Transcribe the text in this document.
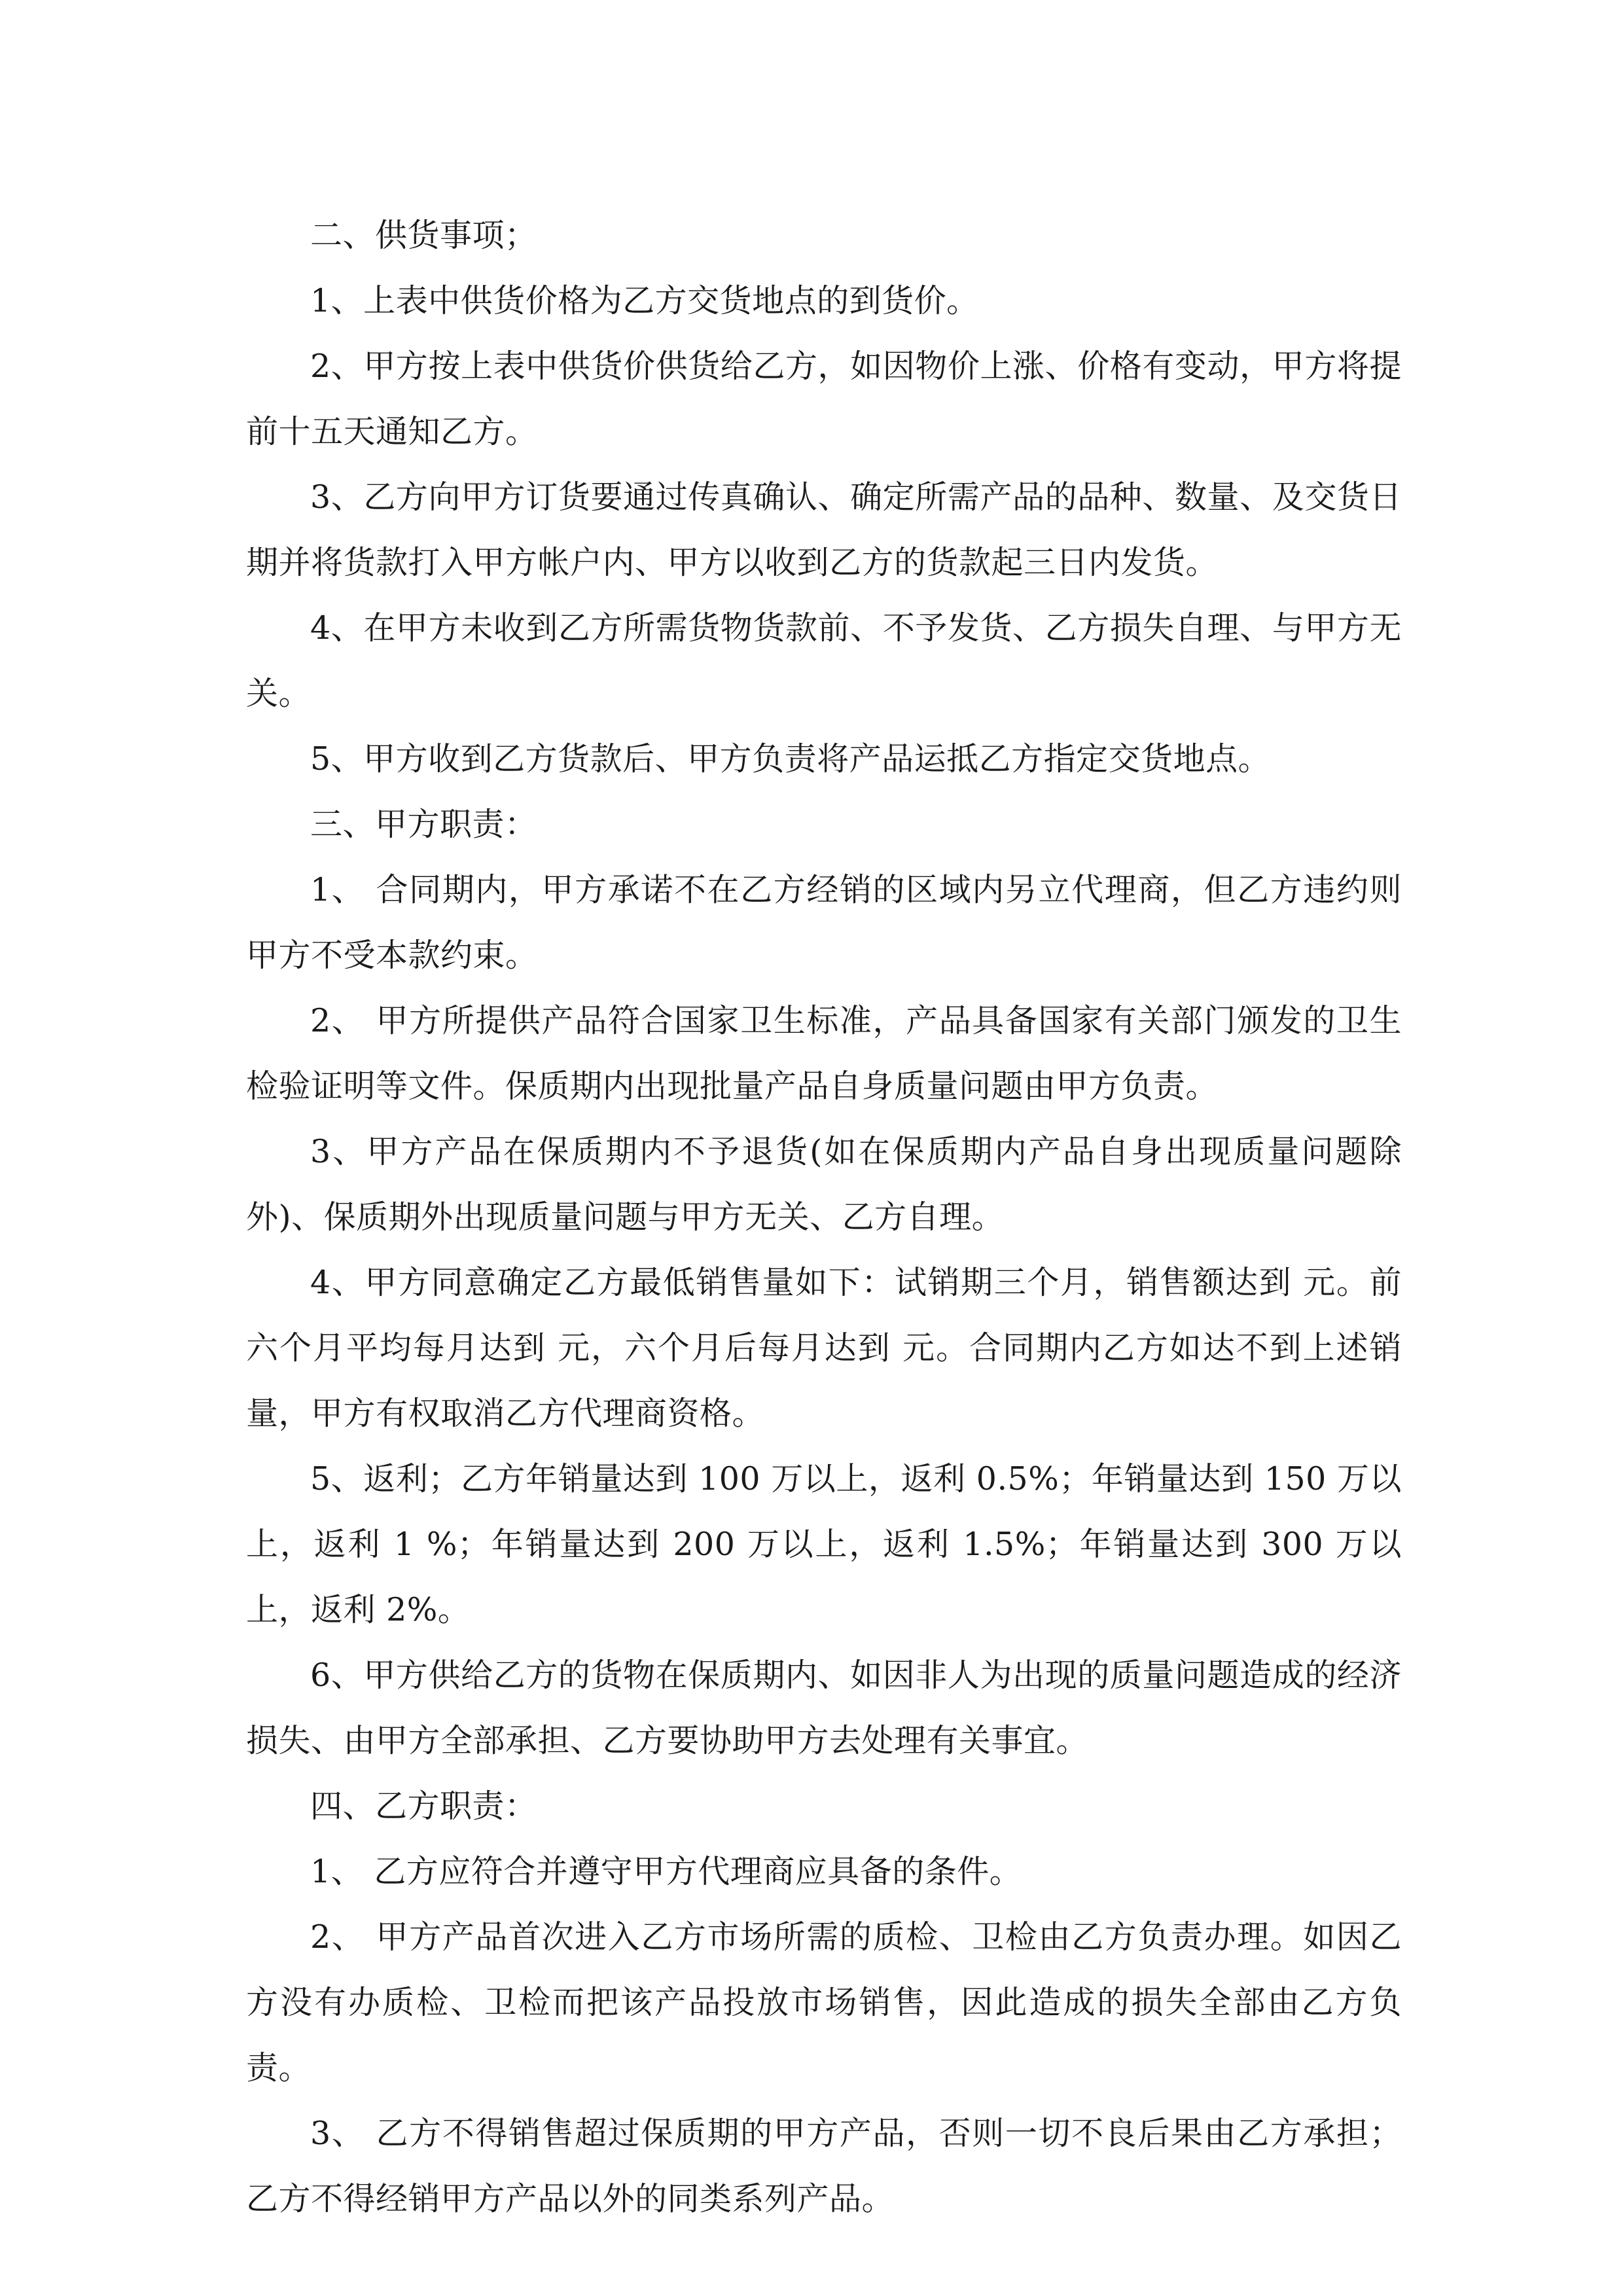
二、供货事项；

1、上表中供货价格为乙方交货地点的到货价。

2、甲方按上表中供货价供货给乙方，如因物价上涨、价格有变动，甲方将提前十五天通知乙方。

3、乙方向甲方订货要通过传真确认、确定所需产品的品种、数量、及交货日期并将货款打入甲方帐户内、甲方以收到乙方的货款起三日内发货。

4、在甲方未收到乙方所需货物货款前、不予发货、乙方损失自理、与甲方无关。

5、甲方收到乙方货款后、甲方负责将产品运抵乙方指定交货地点。

三、甲方职责：

1、 合同期内，甲方承诺不在乙方经销的区域内另立代理商，但乙方违约则甲方不受本款约束。

2、 甲方所提供产品符合国家卫生标准，产品具备国家有关部门颁发的卫生检验证明等文件。保质期内出现批量产品自身质量问题由甲方负责。

3、甲方产品在保质期内不予退货(如在保质期内产品自身出现质量问题除外)、保质期外出现质量问题与甲方无关、乙方自理。

4、甲方同意确定乙方最低销售量如下：试销期三个月，销售额达到 元。前六个月平均每月达到 元，六个月后每月达到 元。合同期内乙方如达不到上述销量，甲方有权取消乙方代理商资格。

5、返利；乙方年销量达到 100 万以上，返利 0.5%；年销量达到 150 万以上，返利 1 %；年销量达到 200 万以上，返利 1.5%；年销量达到 300 万以上，返利 2%。

6、甲方供给乙方的货物在保质期内、如因非人为出现的质量问题造成的经济损失、由甲方全部承担、乙方要协助甲方去处理有关事宜。

四、乙方职责：

1、 乙方应符合并遵守甲方代理商应具备的条件。

2、 甲方产品首次进入乙方市场所需的质检、卫检由乙方负责办理。如因乙方没有办质检、卫检而把该产品投放市场销售，因此造成的损失全部由乙方负责。

3、 乙方不得销售超过保质期的甲方产品，否则一切不良后果由乙方承担；乙方不得经销甲方产品以外的同类系列产品。
